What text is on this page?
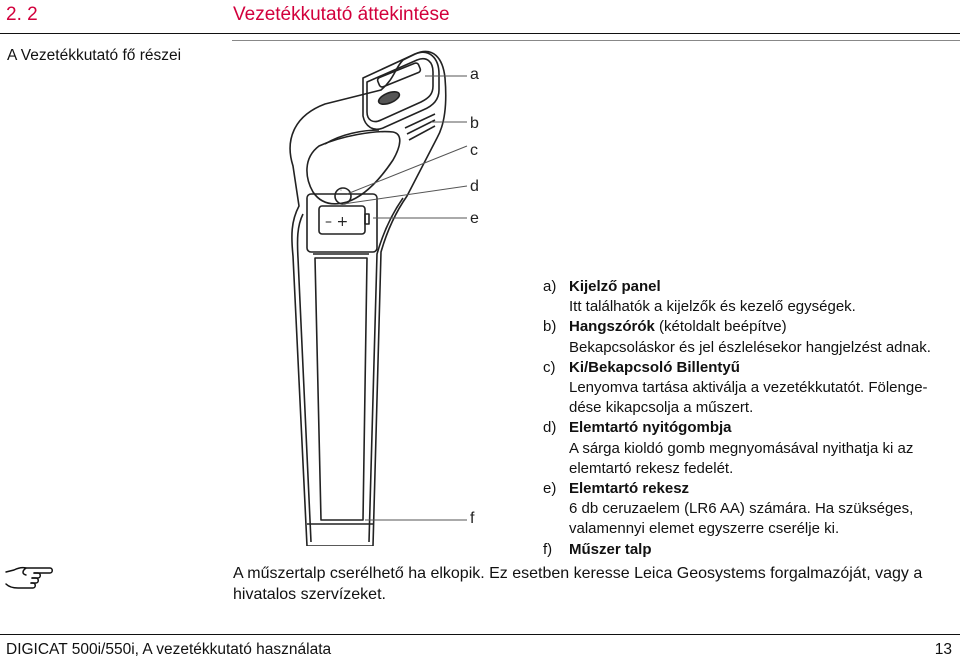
2. 2	Vezetékkutató áttekintése
A Vezetékkutató fő részei
– +
a
b
c
d
e
f
a) Kijelző panel
Itt találhatók a kijelzők és kezelő egységek.
b) Hangszórók (kétoldalt beépítve)
Bekapcsoláskor és jel észlelésekor hangjelzést adnak.
c) Ki/Bekapcsoló Billentyű
Lenyomva tartása aktiválja a vezetékkutatót. Fölengedése kikapcsolja a műszert.
d) Elemtartó nyitógombja
A sárga kioldó gomb megnyomásával nyithatja ki az elemtartó rekesz fedelét.
e) Elemtartó rekesz
6 db ceruzaelem (LR6 AA) számára. Ha szükséges, valamennyi elemet egyszerre cserélje ki.
f)	Műszer talp
A műszertalp cserélhető ha elkopik. Ez esetben keresse Leica Geosystems forgalmazóját, vagy a hivatalos szervízeket.
DIGICAT 500i/550i, A vezetékkutató használata	13
